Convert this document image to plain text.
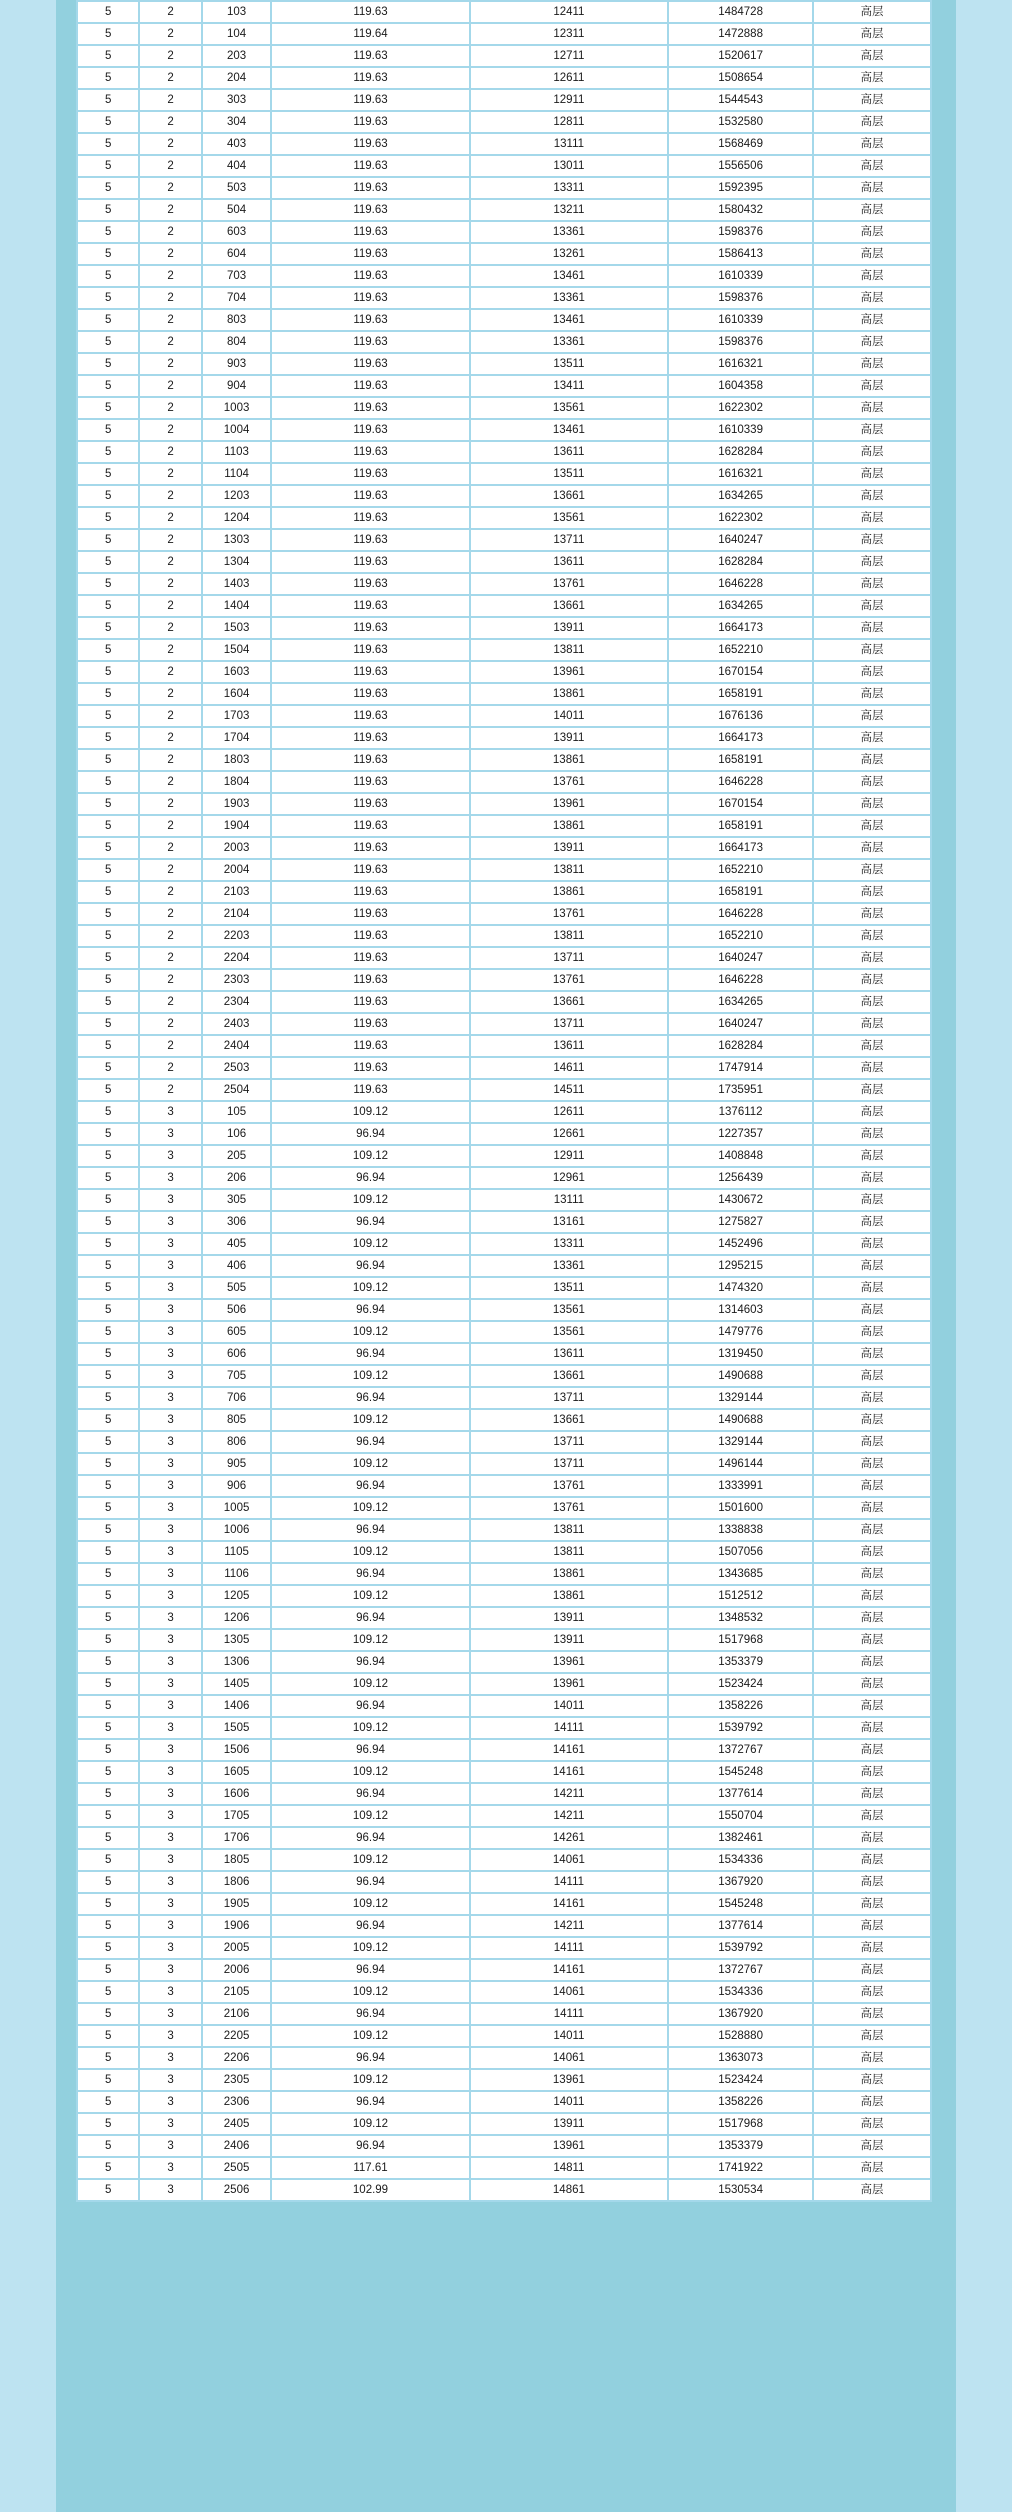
5	2	103	119.63	12411	1484728	高层
5	2	104	119.64	12311	1472888	高层
5	2	203	119.63	12711	1520617	高层
5	2	204	119.63	12611	1508654	高层
5	2	303	119.63	12911	1544543	高层
5	2	304	119.63	12811	1532580	高层
5	2	403	119.63	13111	1568469	高层
5	2	404	119.63	13011	1556506	高层
5	2	503	119.63	13311	1592395	高层
5	2	504	119.63	13211	1580432	高层
5	2	603	119.63	13361	1598376	高层
5	2	604	119.63	13261	1586413	高层
5	2	703	119.63	13461	1610339	高层
5	2	704	119.63	13361	1598376	高层
5	2	803	119.63	13461	1610339	高层
5	2	804	119.63	13361	1598376	高层
5	2	903	119.63	13511	1616321	高层
5	2	904	119.63	13411	1604358	高层
5	2	1003	119.63	13561	1622302	高层
5	2	1004	119.63	13461	1610339	高层
5	2	1103	119.63	13611	1628284	高层
5	2	1104	119.63	13511	1616321	高层
5	2	1203	119.63	13661	1634265	高层
5	2	1204	119.63	13561	1622302	高层
5	2	1303	119.63	13711	1640247	高层
5	2	1304	119.63	13611	1628284	高层
5	2	1403	119.63	13761	1646228	高层
5	2	1404	119.63	13661	1634265	高层
5	2	1503	119.63	13911	1664173	高层
5	2	1504	119.63	13811	1652210	高层
5	2	1603	119.63	13961	1670154	高层
5	2	1604	119.63	13861	1658191	高层
5	2	1703	119.63	14011	1676136	高层
5	2	1704	119.63	13911	1664173	高层
5	2	1803	119.63	13861	1658191	高层
5	2	1804	119.63	13761	1646228	高层
5	2	1903	119.63	13961	1670154	高层
5	2	1904	119.63	13861	1658191	高层
5	2	2003	119.63	13911	1664173	高层
5	2	2004	119.63	13811	1652210	高层
5	2	2103	119.63	13861	1658191	高层
5	2	2104	119.63	13761	1646228	高层
5	2	2203	119.63	13811	1652210	高层
5	2	2204	119.63	13711	1640247	高层
5	2	2303	119.63	13761	1646228	高层
5	2	2304	119.63	13661	1634265	高层
5	2	2403	119.63	13711	1640247	高层
5	2	2404	119.63	13611	1628284	高层
5	2	2503	119.63	14611	1747914	高层
5	2	2504	119.63	14511	1735951	高层
5	3	105	109.12	12611	1376112	高层
5	3	106	96.94	12661	1227357	高层
5	3	205	109.12	12911	1408848	高层
5	3	206	96.94	12961	1256439	高层
5	3	305	109.12	13111	1430672	高层
5	3	306	96.94	13161	1275827	高层
5	3	405	109.12	13311	1452496	高层
5	3	406	96.94	13361	1295215	高层
5	3	505	109.12	13511	1474320	高层
5	3	506	96.94	13561	1314603	高层
5	3	605	109.12	13561	1479776	高层
5	3	606	96.94	13611	1319450	高层
5	3	705	109.12	13661	1490688	高层
5	3	706	96.94	13711	1329144	高层
5	3	805	109.12	13661	1490688	高层
5	3	806	96.94	13711	1329144	高层
5	3	905	109.12	13711	1496144	高层
5	3	906	96.94	13761	1333991	高层
5	3	1005	109.12	13761	1501600	高层
5	3	1006	96.94	13811	1338838	高层
5	3	1105	109.12	13811	1507056	高层
5	3	1106	96.94	13861	1343685	高层
5	3	1205	109.12	13861	1512512	高层
5	3	1206	96.94	13911	1348532	高层
5	3	1305	109.12	13911	1517968	高层
5	3	1306	96.94	13961	1353379	高层
5	3	1405	109.12	13961	1523424	高层
5	3	1406	96.94	14011	1358226	高层
5	3	1505	109.12	14111	1539792	高层
5	3	1506	96.94	14161	1372767	高层
5	3	1605	109.12	14161	1545248	高层
5	3	1606	96.94	14211	1377614	高层
5	3	1705	109.12	14211	1550704	高层
5	3	1706	96.94	14261	1382461	高层
5	3	1805	109.12	14061	1534336	高层
5	3	1806	96.94	14111	1367920	高层
5	3	1905	109.12	14161	1545248	高层
5	3	1906	96.94	14211	1377614	高层
5	3	2005	109.12	14111	1539792	高层
5	3	2006	96.94	14161	1372767	高层
5	3	2105	109.12	14061	1534336	高层
5	3	2106	96.94	14111	1367920	高层
5	3	2205	109.12	14011	1528880	高层
5	3	2206	96.94	14061	1363073	高层
5	3	2305	109.12	13961	1523424	高层
5	3	2306	96.94	14011	1358226	高层
5	3	2405	109.12	13911	1517968	高层
5	3	2406	96.94	13961	1353379	高层
5	3	2505	117.61	14811	1741922	高层
5	3	2506	102.99	14861	1530534	高层
